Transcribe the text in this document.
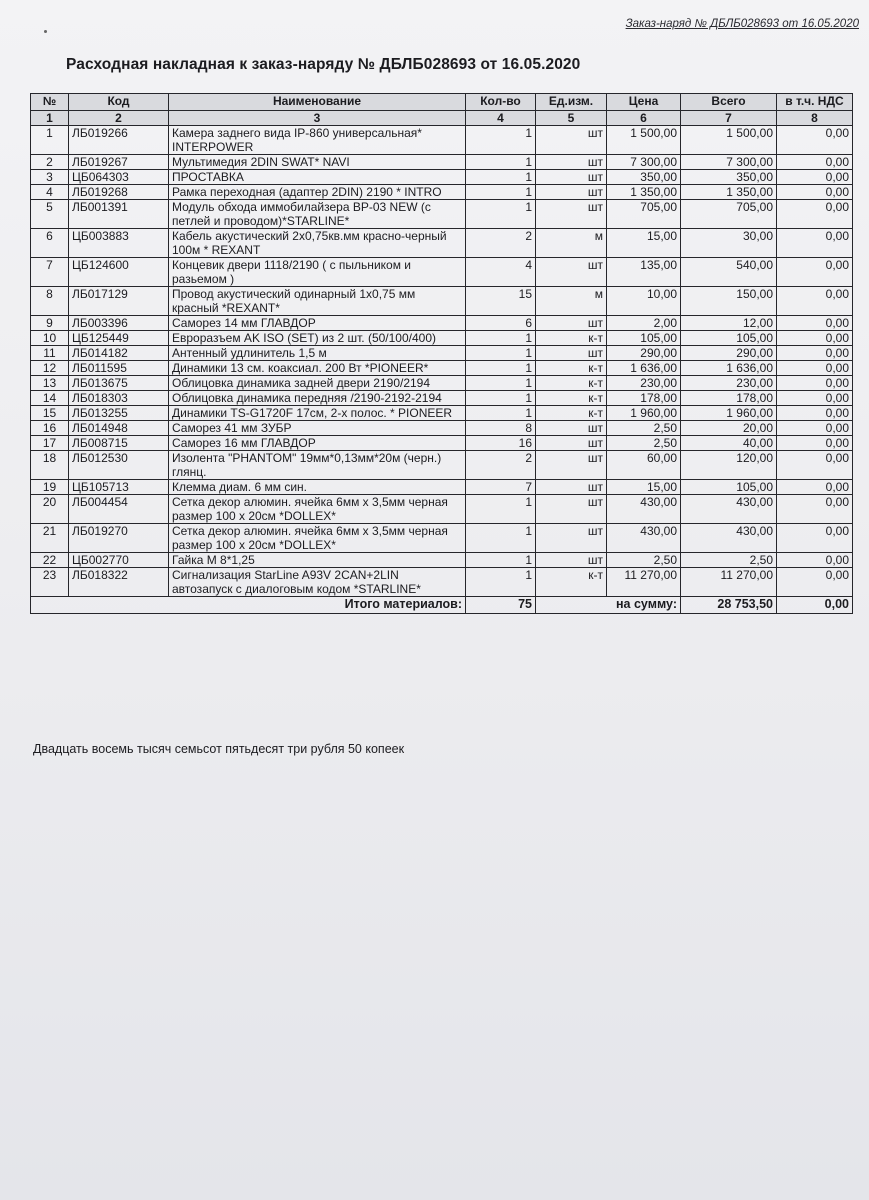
Заказ-наряд № ДБЛБ028693 от 16.05.2020
Расходная накладная к заказ-наряду № ДБЛБ028693 от 16.05.2020
№	Код	Наименование	Кол-во	Ед.изм.	Цена	Всего	в т.ч. НДС
1	2	3	4	5	6	7	8
1	ЛБ019266	Камера заднего вида IP-860 универсальная* INTERPOWER	1	шт	1 500,00	1 500,00	0,00
2	ЛБ019267	Мультимедия 2DIN SWAT* NAVI	1	шт	7 300,00	7 300,00	0,00
3	ЦБ064303	ПРОСТАВКА	1	шт	350,00	350,00	0,00
4	ЛБ019268	Рамка переходная (адаптер 2DIN) 2190 * INTRO	1	шт	1 350,00	1 350,00	0,00
5	ЛБ001391	Модуль обхода иммобилайзера BP-03 NEW (с петлей и проводом)*STARLINE*	1	шт	705,00	705,00	0,00
6	ЦБ003883	Кабель акустический 2х0,75кв.мм красно-черный 100м * REXANT	2	м	15,00	30,00	0,00
7	ЦБ124600	Концевик двери 1118/2190 ( с пыльником и разьемом )	4	шт	135,00	540,00	0,00
8	ЛБ017129	Провод акустический одинарный 1х0,75 мм красный *REXANT*	15	м	10,00	150,00	0,00
9	ЛБ003396	Саморез 14 мм ГЛАВДОР	6	шт	2,00	12,00	0,00
10	ЦБ125449	Евроразъем AK ISO (SET) из 2 шт. (50/100/400)	1	к-т	105,00	105,00	0,00
11	ЛБ014182	Антенный удлинитель 1,5 м	1	шт	290,00	290,00	0,00
12	ЛБ011595	Динамики 13 см. коаксиал. 200 Вт *PIONEER*	1	к-т	1 636,00	1 636,00	0,00
13	ЛБ013675	Облицовка динамика задней двери 2190/2194	1	к-т	230,00	230,00	0,00
14	ЛБ018303	Облицовка динамика передняя /2190-2192-2194	1	к-т	178,00	178,00	0,00
15	ЛБ013255	Динамики TS-G1720F 17см, 2-х полос. * PIONEER	1	к-т	1 960,00	1 960,00	0,00
16	ЛБ014948	Саморез 41 мм ЗУБР	8	шт	2,50	20,00	0,00
17	ЛБ008715	Саморез 16 мм ГЛАВДОР	16	шт	2,50	40,00	0,00
18	ЛБ012530	Изолента "PHANTOM" 19мм*0,13мм*20м (черн.) глянц.	2	шт	60,00	120,00	0,00
19	ЦБ105713	Клемма диам. 6 мм син.	7	шт	15,00	105,00	0,00
20	ЛБ004454	Сетка декор алюмин. ячейка 6мм х 3,5мм черная размер 100 х 20см *DOLLEX*	1	шт	430,00	430,00	0,00
21	ЛБ019270	Сетка декор алюмин. ячейка 6мм х 3,5мм черная размер 100 х 20см *DOLLEX*	1	шт	430,00	430,00	0,00
22	ЦБ002770	Гайка М 8*1,25	1	шт	2,50	2,50	0,00
23	ЛБ018322	Сигнализация StarLine A93V 2CAN+2LIN автозапуск с диалоговым кодом *STARLINE*	1	к-т	11 270,00	11 270,00	0,00
Итого материалов:			75	на сумму:		28 753,50	0,00
Двадцать восемь тысяч семьсот пятьдесят три рубля 50 копеек
